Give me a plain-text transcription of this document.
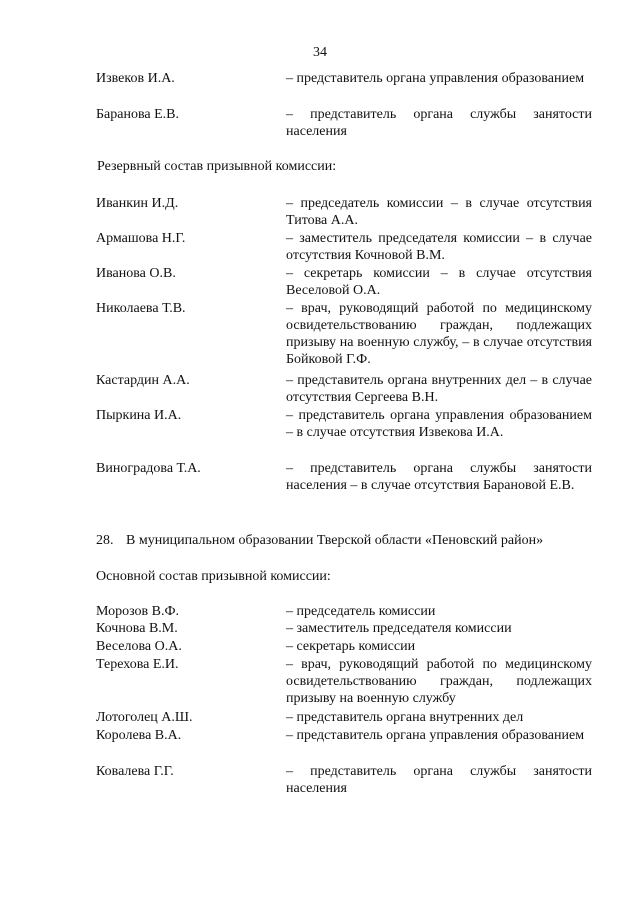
34
Извеков И.А.	– представитель органа управления образованием
Баранова Е.В.	– представитель органа службы занятости населения
Резервный состав призывной комиссии:
Иванкин И.Д.	– председатель комиссии – в случае отсутствия Титова А.А.
Армашова Н.Г.	– заместитель председателя комиссии – в случае отсутствия Кочновой В.М.
Иванова О.В.	– секретарь комиссии – в случае отсутствия Веселовой О.А.
Николаева Т.В.	– врач, руководящий работой по медицинскому освидетельствованию граждан, подлежащих призыву на военную службу, – в случае отсутствия Бойковой Г.Ф.
Кастардин А.А.	– представитель органа внутренних дел – в случае отсутствия Сергеева В.Н.
Пыркина И.А.	– представитель органа управления образованием – в случае отсутствия Извекова И.А.
Виноградова Т.А.	– представитель органа службы занятости населения – в случае отсутствия Барановой Е.В.
28. В муниципальном образовании Тверской области «Пеновский район»
Основной состав призывной комиссии:
Морозов В.Ф.	– председатель комиссии
Кочнова В.М.	– заместитель председателя комиссии
Веселова О.А.	– секретарь комиссии
Терехова Е.И.	– врач, руководящий работой по медицинскому освидетельствованию граждан, подлежащих призыву на военную службу
Лотоголец А.Ш.	– представитель органа внутренних дел
Королева В.А.	– представитель органа управления образованием
Ковалева Г.Г.	– представитель органа службы занятости населения
